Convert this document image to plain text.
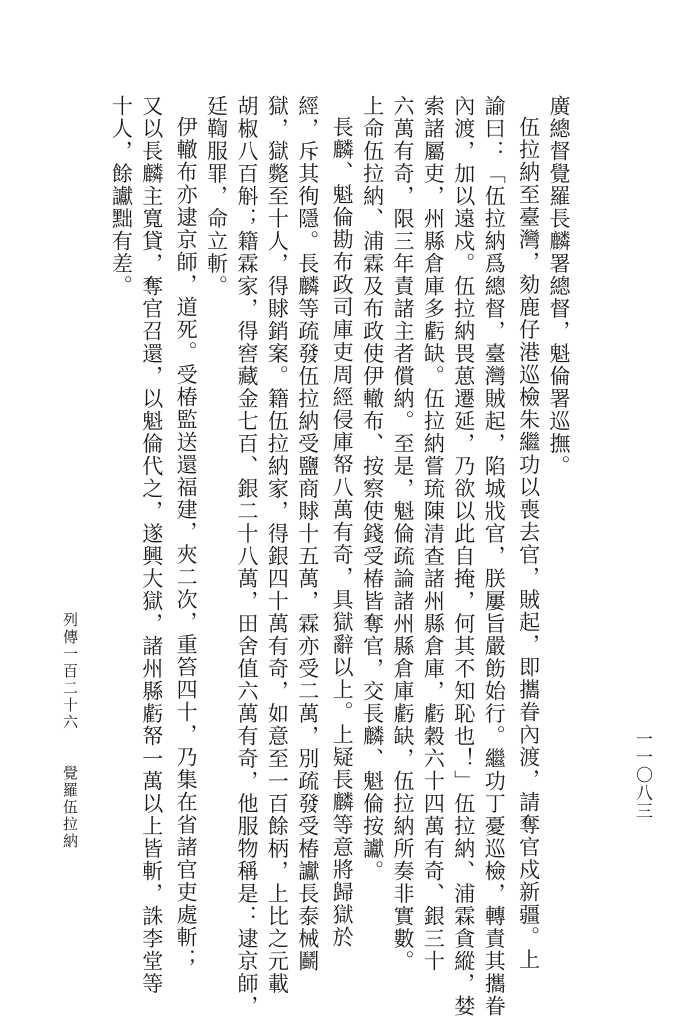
一一〇八三
廣總督覺羅長麟署總督，魁倫署巡撫。
伍拉納至臺灣，劾鹿仔港巡檢朱繼功以喪去官，賊起，即攜眷內渡，請奪官戍新疆。上
諭曰：「伍拉納爲總督，臺灣賊起，陷城戕官，朕屢旨嚴飭始行。繼功丁憂巡檢，轉責其攜眷
內渡，加以遠戍。伍拉納畏葸遷延，乃欲以此自掩，何其不知恥也！」伍拉納、浦霖貪縱，婪
索諸屬吏，州縣倉庫多虧缺。伍拉納嘗琉陳清查諸州縣倉庫，虧穀六十四萬有奇、銀三十
六萬有奇，限三年責諸主者償納。至是，魁倫疏論諸州縣倉庫虧缺，伍拉納所奏非實數。
上命伍拉納、浦霖及布政使伊轍布、按察使錢受椿皆奪官，交長麟、魁倫按讞。
長麟、魁倫勘布政司庫吏周經侵庫帑八萬有奇，具獄辭以上。上疑長麟等意將歸獄於
經，斥其徇隱。長麟等疏發伍拉納受鹽商賕十五萬，霖亦受二萬，別疏發受椿讞長泰械鬬
獄，獄斃至十人，得賕銷案。籍伍拉納家，得銀四十萬有奇，如意至一百餘柄，上比之元載
胡椒八百斛；籍霖家，得窖藏金七百、銀二十八萬，田舍值六萬有奇，他服物稱是：逮京師，
廷鞫服罪，命立斬。
伊轍布亦逮京師，道死。受椿監送還福建，夾二次，重笞四十，乃集在省諸官吏處斬；
又以長麟主寬貸，奪官召還，以魁倫代之，遂興大獄，諸州縣虧帑一萬以上皆斬，誅李堂等
十人，餘讞黜有差。
列傳一百二十六覺羅伍拉納
